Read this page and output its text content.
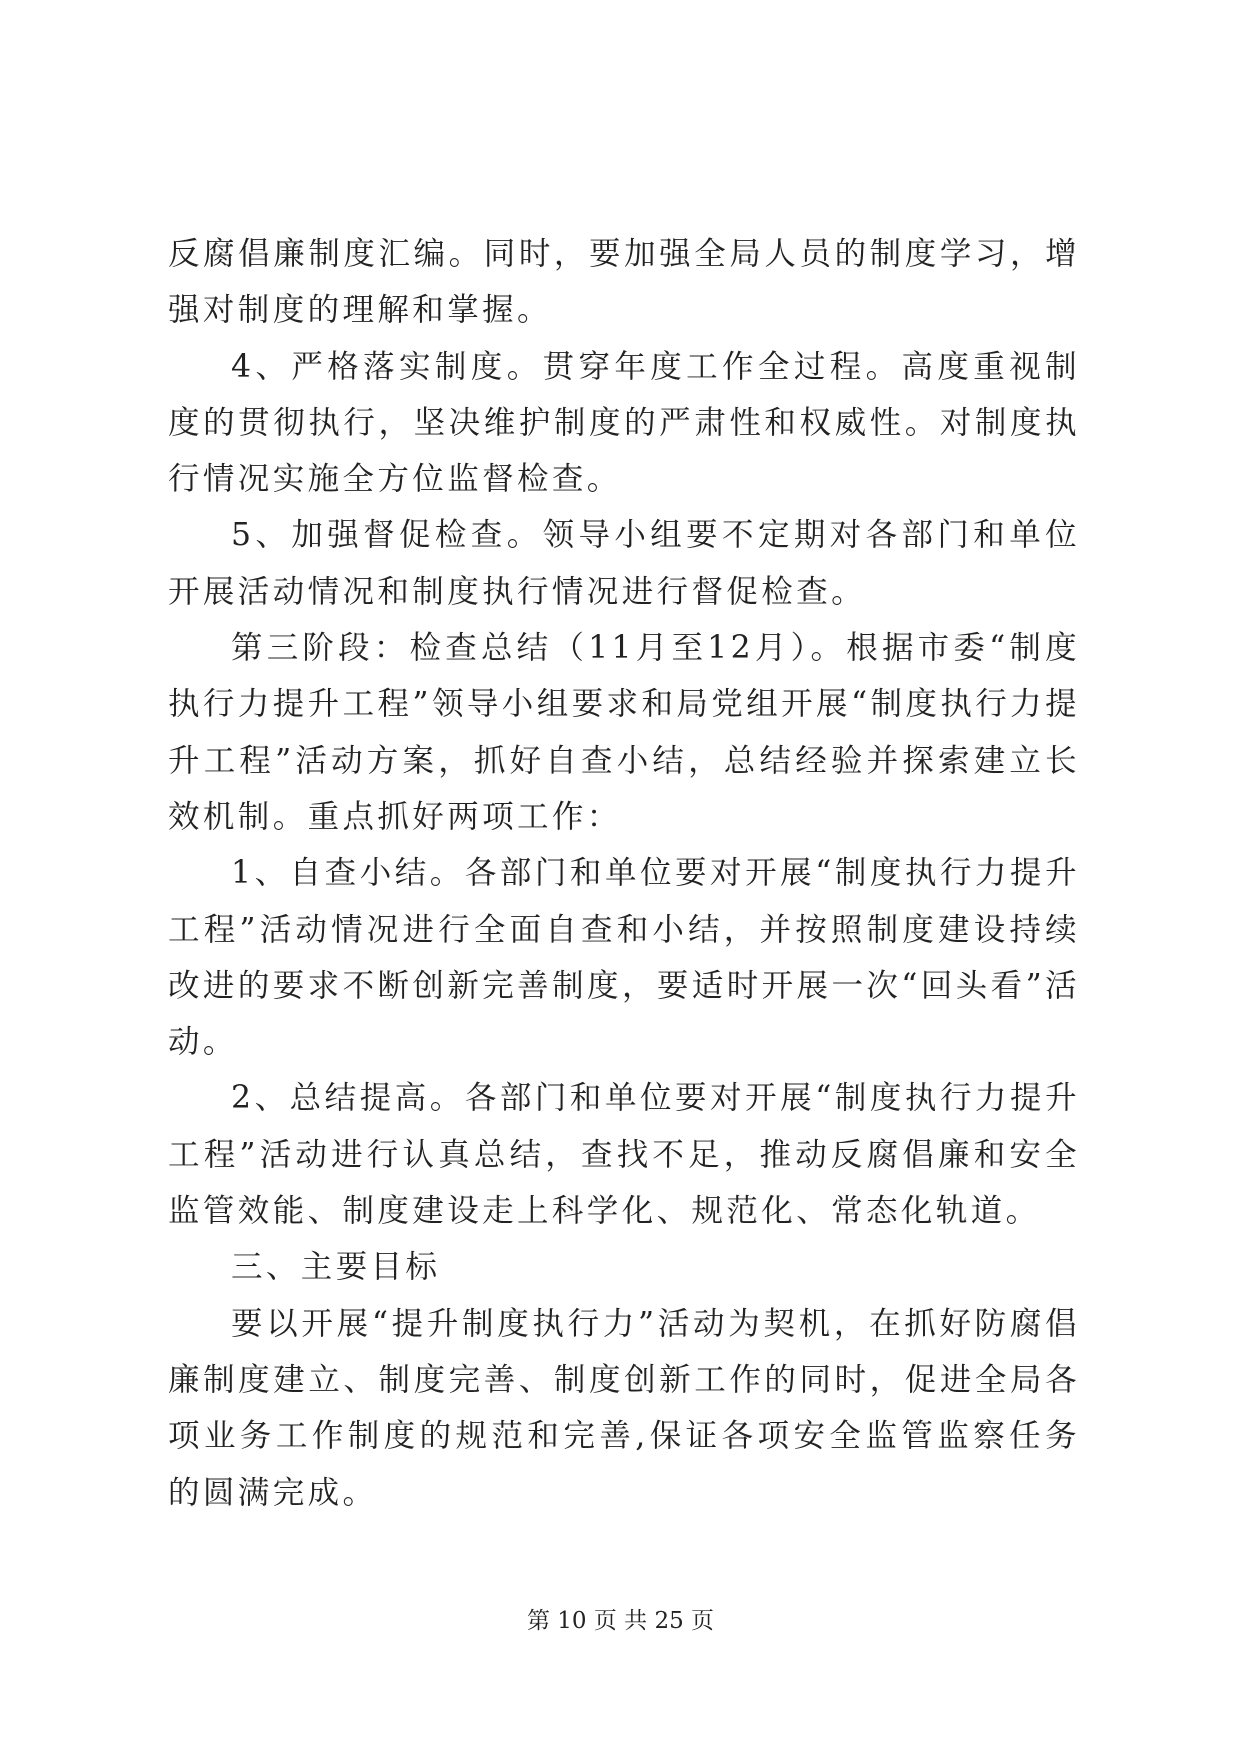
反腐倡廉制度汇编。同时，要加强全局人员的制度学习，增强对制度的理解和掌握。

4、严格落实制度。贯穿年度工作全过程。高度重视制度的贯彻执行，坚决维护制度的严肃性和权威性。对制度执行情况实施全方位监督检查。

5、加强督促检查。领导小组要不定期对各部门和单位开展活动情况和制度执行情况进行督促检查。

第三阶段：检查总结（11月至12月）。根据市委“制度执行力提升工程”领导小组要求和局党组开展“制度执行力提升工程”活动方案，抓好自查小结，总结经验并探索建立长效机制。重点抓好两项工作：

1、自查小结。各部门和单位要对开展“制度执行力提升工程”活动情况进行全面自查和小结，并按照制度建设持续改进的要求不断创新完善制度，要适时开展一次“回头看”活动。

2、总结提高。各部门和单位要对开展“制度执行力提升工程”活动进行认真总结，查找不足，推动反腐倡廉和安全监管效能、制度建设走上科学化、规范化、常态化轨道。

三、主要目标

要以开展“提升制度执行力”活动为契机，在抓好防腐倡廉制度建立、制度完善、制度创新工作的同时，促进全局各项业务工作制度的规范和完善,保证各项安全监管监察任务的圆满完成。

第 10 页 共 25 页
